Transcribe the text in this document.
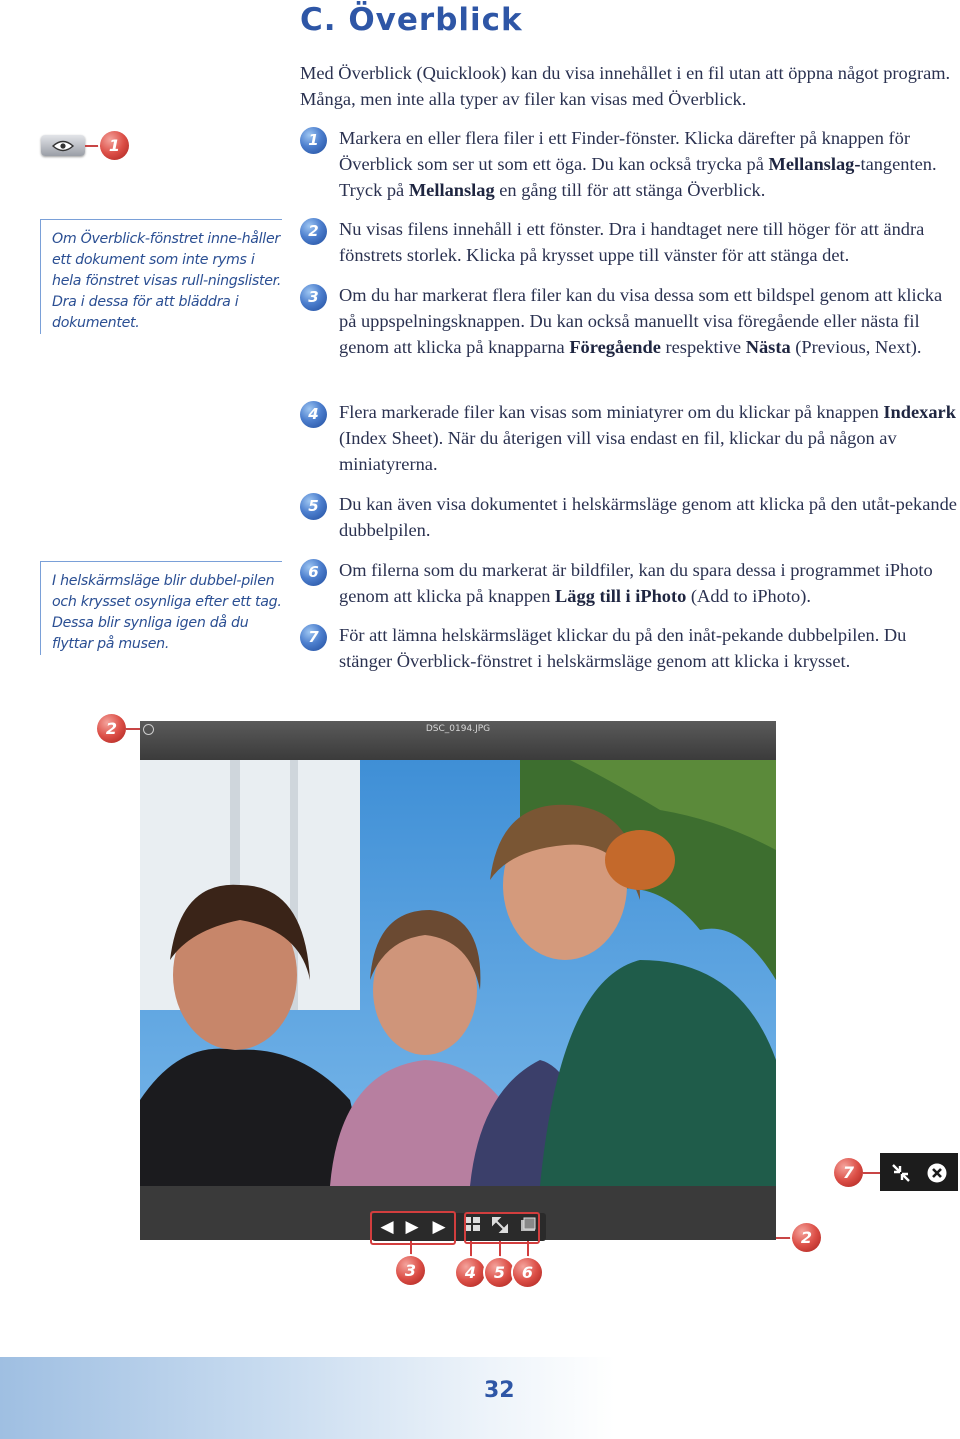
C. Överblick
Med Överblick (Quicklook) kan du visa innehållet i en fil utan att öppna något program. Många, men inte alla typer av filer kan visas med Överblick.
1	Markera en eller flera filer i ett Finder-fönster. Klicka därefter på knappen för Överblick som ser ut som ett öga. Du kan också trycka på Mellanslag-tangenten. Tryck på Mellanslag en gång till för att stänga Överblick.
2	Nu visas filens innehåll i ett fönster. Dra i handtaget nere till höger för att ändra fönstrets storlek. Klicka på krysset uppe till vänster för att stänga det.
3	Om du har markerat flera filer kan du visa dessa som ett bildspel genom att klicka på uppspelningsknappen. Du kan också manuellt visa föregående eller nästa fil genom att klicka på knapparna Föregående respektive Nästa (Previous, Next).
4	Flera markerade filer kan visas som miniatyrer om du klickar på knappen Indexark (Index Sheet). När du återigen vill visa endast en fil, klickar du på någon av miniatyrerna.
5	Du kan även visa dokumentet i helskärmsläge genom att klicka på den utåt-pekande dubbelpilen.
6	Om filerna som du markerat är bildfiler, kan du spara dessa i programmet iPhoto genom att klicka på knappen Lägg till i iPhoto (Add to iPhoto).
7	För att lämna helskärmsläget klickar du på den inåt-pekande dubbelpilen. Du stänger Överblick-fönstret i helskärmsläge genom att klicka i krysset.
1
Om Överblick-fönstret inne-håller ett dokument som inte ryms i hela fönstret visas rull-ningslister. Dra i dessa för att bläddra i dokumentet.
I helskärmsläge blir dubbel-pilen och krysset osynliga efter ett tag. Dessa blir synliga igen då du flyttar på musen.
2	DSC_0194.JPG
◀ ▶ ▶
3	4	5	6
2
7
32
